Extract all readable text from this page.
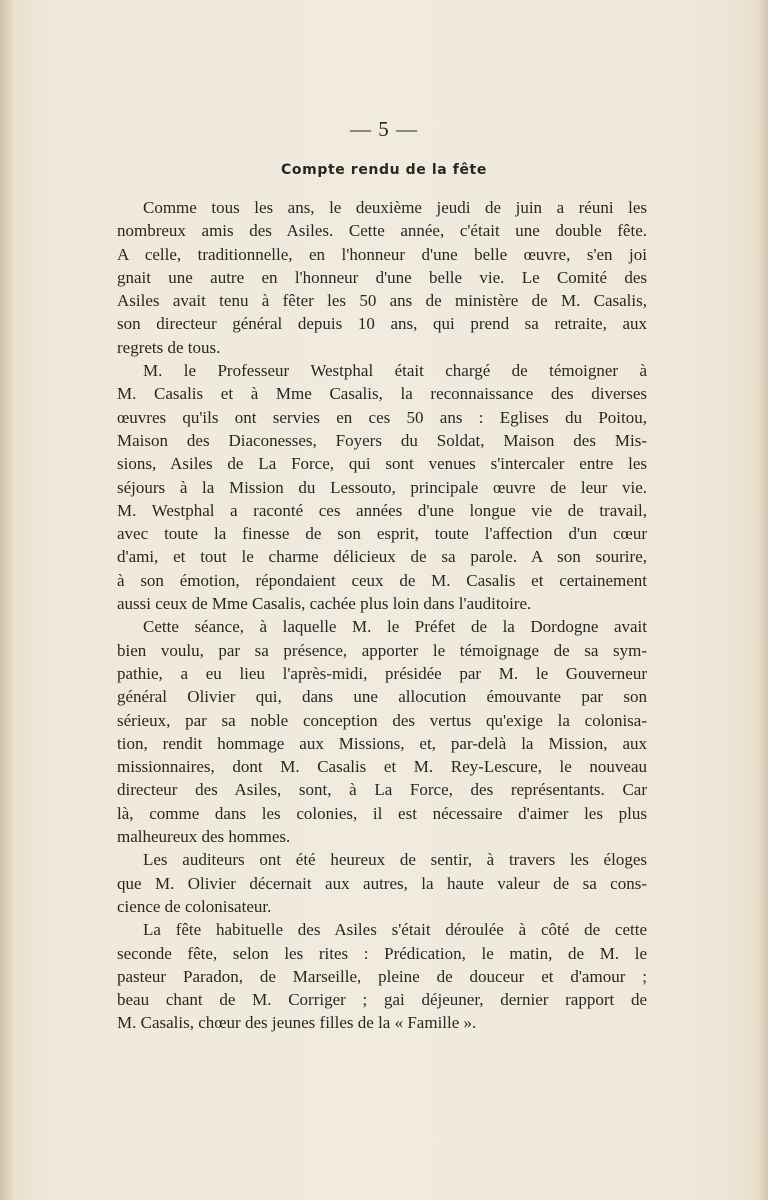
— 5 —
Compte rendu de la fête
Comme tous les ans, le deuxième jeudi de juin a réuni les
nombreux amis des Asiles. Cette année, c'était une double fête.
A celle, traditionnelle, en l'honneur d'une belle œuvre, s'en joi
gnait une autre en l'honneur d'une belle vie. Le Comité des
Asiles avait tenu à fêter les 50 ans de ministère de M. Casalis,
son directeur général depuis 10 ans, qui prend sa retraite, aux
regrets de tous.
M. le Professeur Westphal était chargé de témoigner à
M. Casalis et à Mme Casalis, la reconnaissance des diverses
œuvres qu'ils ont servies en ces 50 ans : Eglises du Poitou,
Maison des Diaconesses, Foyers du Soldat, Maison des Mis-
sions, Asiles de La Force, qui sont venues s'intercaler entre les
séjours à la Mission du Lessouto, principale œuvre de leur vie.
M. Westphal a raconté ces années d'une longue vie de travail,
avec toute la finesse de son esprit, toute l'affection d'un cœur
d'ami, et tout le charme délicieux de sa parole. A son sourire,
à son émotion, répondaient ceux de M. Casalis et certainement
aussi ceux de Mme Casalis, cachée plus loin dans l'auditoire.
Cette séance, à laquelle M. le Préfet de la Dordogne avait
bien voulu, par sa présence, apporter le témoignage de sa sym-
pathie, a eu lieu l'après-midi, présidée par M. le Gouverneur
général Olivier qui, dans une allocution émouvante par son
sérieux, par sa noble conception des vertus qu'exige la colonisa-
tion, rendit hommage aux Missions, et, par-delà la Mission, aux
missionnaires, dont M. Casalis et M. Rey-Lescure, le nouveau
directeur des Asiles, sont, à La Force, des représentants. Car
là, comme dans les colonies, il est nécessaire d'aimer les plus
malheureux des hommes.
Les auditeurs ont été heureux de sentir, à travers les éloges
que M. Olivier décernait aux autres, la haute valeur de sa cons-
cience de colonisateur.
La fête habituelle des Asiles s'était déroulée à côté de cette
seconde fête, selon les rites : Prédication, le matin, de M. le
pasteur Paradon, de Marseille, pleine de douceur et d'amour ;
beau chant de M. Corriger ; gai déjeuner, dernier rapport de
M. Casalis, chœur des jeunes filles de la « Famille ».
